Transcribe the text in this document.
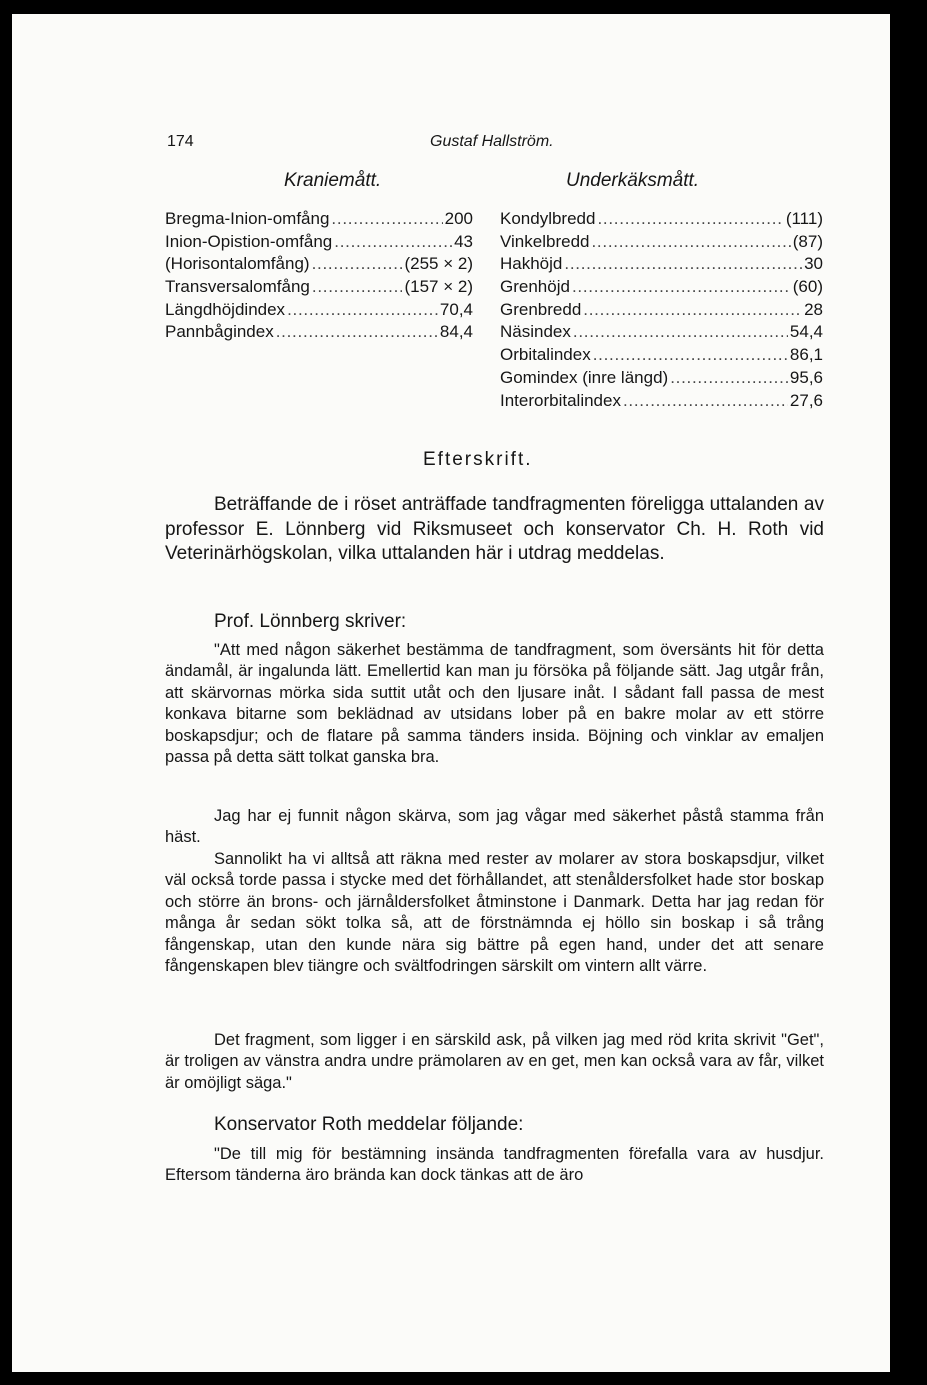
174	Gustaf Hallström.
Kraniemått.	Underkäksmått.
Bregma-Inion-omfång . . .	200
Inion-Opistion-omfång . . .	43
(Horisontalomfång) . . .	(255 × 2)
Transversalomfång . . .	(157 × 2)
Längdhöjdindex . . .	70,4
Pannbågindex . . .	84,4
Kondylbredd . . .	(111)
Vinkelbredd . . .	(87)
Hakhöjd . . .	30
Grenhöjd . . .	(60)
Grenbredd . . .	28
Näsindex . . .	54,4
Orbitalindex . . .	86,1
Gomindex (inre längd) . . .	95,6
Interorbitalindex . . .	27,6
Efterskrift.
Beträffande de i röset anträffade tandfragmenten föreligga uttalanden av professor E. Lönnberg vid Riksmuseet och konservator Ch. H. Roth vid Veterinärhögskolan, vilka uttalanden här i utdrag meddelas.
Prof. Lönnberg skriver:
"Att med någon säkerhet bestämma de tandfragment, som översänts hit för detta ändamål, är ingalunda lätt. Emellertid kan man ju försöka på följande sätt. Jag utgår från, att skärvornas mörka sida suttit utåt och den ljusare inåt. I sådant fall passa de mest konkava bitarne som beklädnad av utsidans lober på en bakre molar av ett större boskapsdjur; och de flatare på samma tänders insida. Böjning och vinklar av emaljen passa på detta sätt tolkat ganska bra.
Jag har ej funnit någon skärva, som jag vågar med säkerhet påstå stamma från häst.
Sannolikt ha vi alltså att räkna med rester av molarer av stora boskapsdjur, vilket väl också torde passa i stycke med det förhållandet, att stenåldersfolket hade stor boskap och större än brons- och järnåldersfolket åtminstone i Danmark. Detta har jag redan för många år sedan sökt tolka så, att de förstnämnda ej höllo sin boskap i så trång fångenskap, utan den kunde nära sig bättre på egen hand, under det att senare fångenskapen blev tiängre och svältfodringen särskilt om vintern allt värre.
Det fragment, som ligger i en särskild ask, på vilken jag med röd krita skrivit "Get", är troligen av vänstra andra undre prämolaren av en get, men kan också vara av får, vilket är omöjligt säga."
Konservator Roth meddelar följande:
"De till mig för bestämning insända tandfragmenten förefalla vara av husdjur. Eftersom tänderna äro brända kan dock tänkas att de äro
